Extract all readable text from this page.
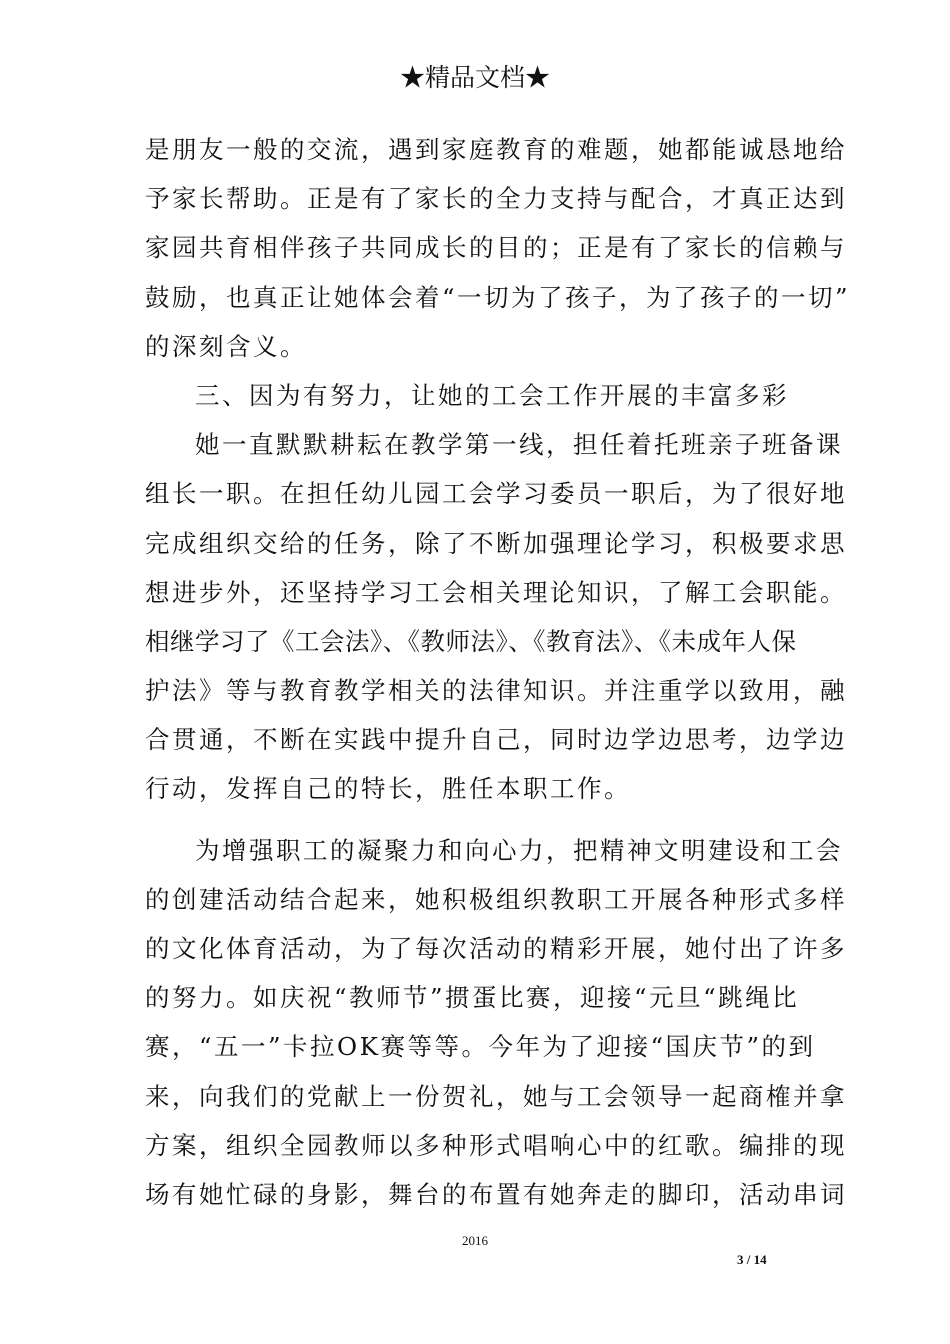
★精品文档★
是朋友一般的交流，遇到家庭教育的难题，她都能诚恳地给
予家长帮助。正是有了家长的全力支持与配合，才真正达到
家园共育相伴孩子共同成长的目的；正是有了家长的信赖与
鼓励，也真正让她体会着“一切为了孩子，为了孩子的一切”
的深刻含义。
三、因为有努力，让她的工会工作开展的丰富多彩
她一直默默耕耘在教学第一线，担任着托班亲子班备课
组长一职。在担任幼儿园工会学习委员一职后，为了很好地
完成组织交给的任务，除了不断加强理论学习，积极要求思
想进步外，还坚持学习工会相关理论知识，了解工会职能。
相继学习了《工会法》、《教师法》、《教育法》、《未成年人保
护法》等与教育教学相关的法律知识。并注重学以致用，融
合贯通，不断在实践中提升自己，同时边学边思考，边学边
行动，发挥自己的特长，胜任本职工作。
为增强职工的凝聚力和向心力，把精神文明建设和工会
的创建活动结合起来，她积极组织教职工开展各种形式多样
的文化体育活动，为了每次活动的精彩开展，她付出了许多
的努力。如庆祝“教师节”掼蛋比赛，迎接“元旦“跳绳比
赛，“五一”卡拉OK赛等等。今年为了迎接“国庆节”的到
来，向我们的党献上一份贺礼，她与工会领导一起商榷并拿
方案，组织全园教师以多种形式唱响心中的红歌。编排的现
场有她忙碌的身影，舞台的布置有她奔走的脚印，活动串词
2016
3 / 14
